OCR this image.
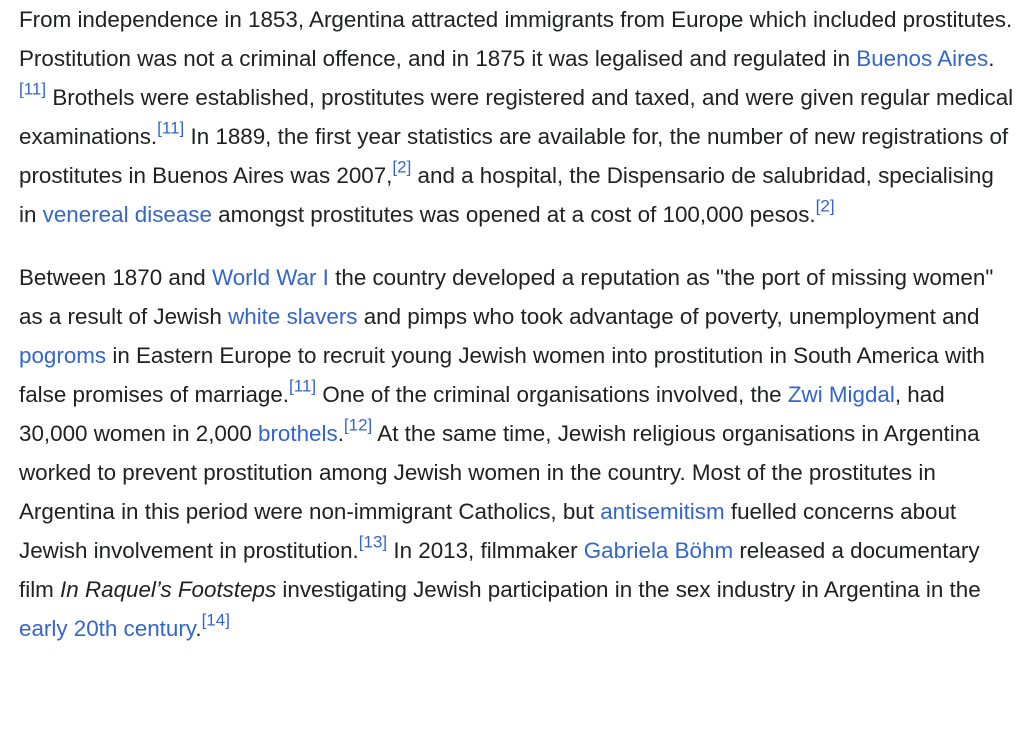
From independence in 1853, Argentina attracted immigrants from Europe which included prostitutes. Prostitution was not a criminal offence, and in 1875 it was legalised and regulated in Buenos Aires.[11] Brothels were established, prostitutes were registered and taxed, and were given regular medical examinations.[11] In 1889, the first year statistics are available for, the number of new registrations of prostitutes in Buenos Aires was 2007,[2] and a hospital, the Dispensario de salubridad, specialising in venereal disease amongst prostitutes was opened at a cost of 100,000 pesos.[2]

Between 1870 and World War I the country developed a reputation as "the port of missing women" as a result of Jewish white slavers and pimps who took advantage of poverty, unemployment and pogroms in Eastern Europe to recruit young Jewish women into prostitution in South America with false promises of marriage.[11] One of the criminal organisations involved, the Zwi Migdal, had 30,000 women in 2,000 brothels.[12] At the same time, Jewish religious organisations in Argentina worked to prevent prostitution among Jewish women in the country. Most of the prostitutes in Argentina in this period were non-immigrant Catholics, but antisemitism fuelled concerns about Jewish involvement in prostitution.[13] In 2013, filmmaker Gabriela Böhm released a documentary film In Raquel’s Footsteps investigating Jewish participation in the sex industry in Argentina in the early 20th century.[14]
